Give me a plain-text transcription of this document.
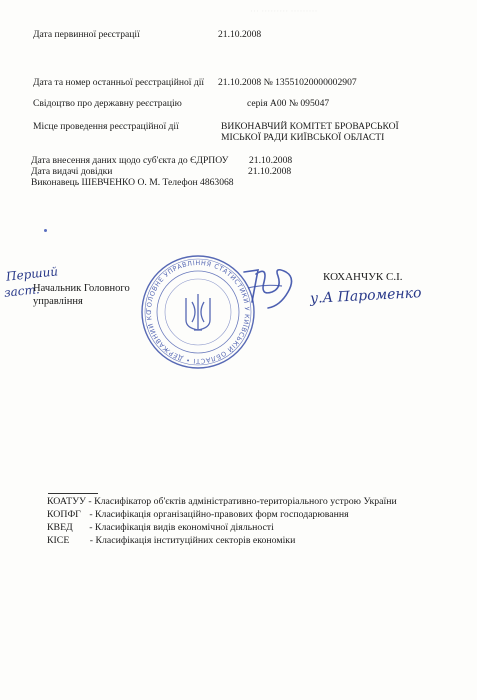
··· ········· ·········
Дата первинної реєстрації	21.10.2008
Дата та номер останньої реєстраційної дії 21.10.2008 № 13551020000002907
Свідоцтво про державну реєстрацію	серія А00 № 095047
Місце проведення реєстраційної дії	ВИКОНАВЧИЙ КОМІТЕТ БРОВАРСЬКОЇ
МІСЬКОЇ РАДИ КИЇВСЬКОЇ ОБЛАСТІ
Дата внесення даних щодо суб'єкта до ЄДРПОУ 21.10.2008
Дата видачі довідки	21.10.2008
Виконавець ШЕВЧЕНКО О. М. Телефон 4863068
Перший
заст.
Начальник Головного
управління
ГОЛОВНЕ УПРАВЛІННЯ СТАТИСТИКИ У КИЇВСЬКІЙ ОБЛАСТІ • ДЕРЖАВНИЙ КО
КОХАНЧУК С.І.
у.А Пароменко
КОАТУУ - Класифікатор об'єктів адміністративно-територіального устрою України
КОПФГ - Класифікація організаційно-правових форм господарювання
КВЕД - Класифікація видів економічної діяльності
КІСЕ - Класифікація інституційних секторів економіки
